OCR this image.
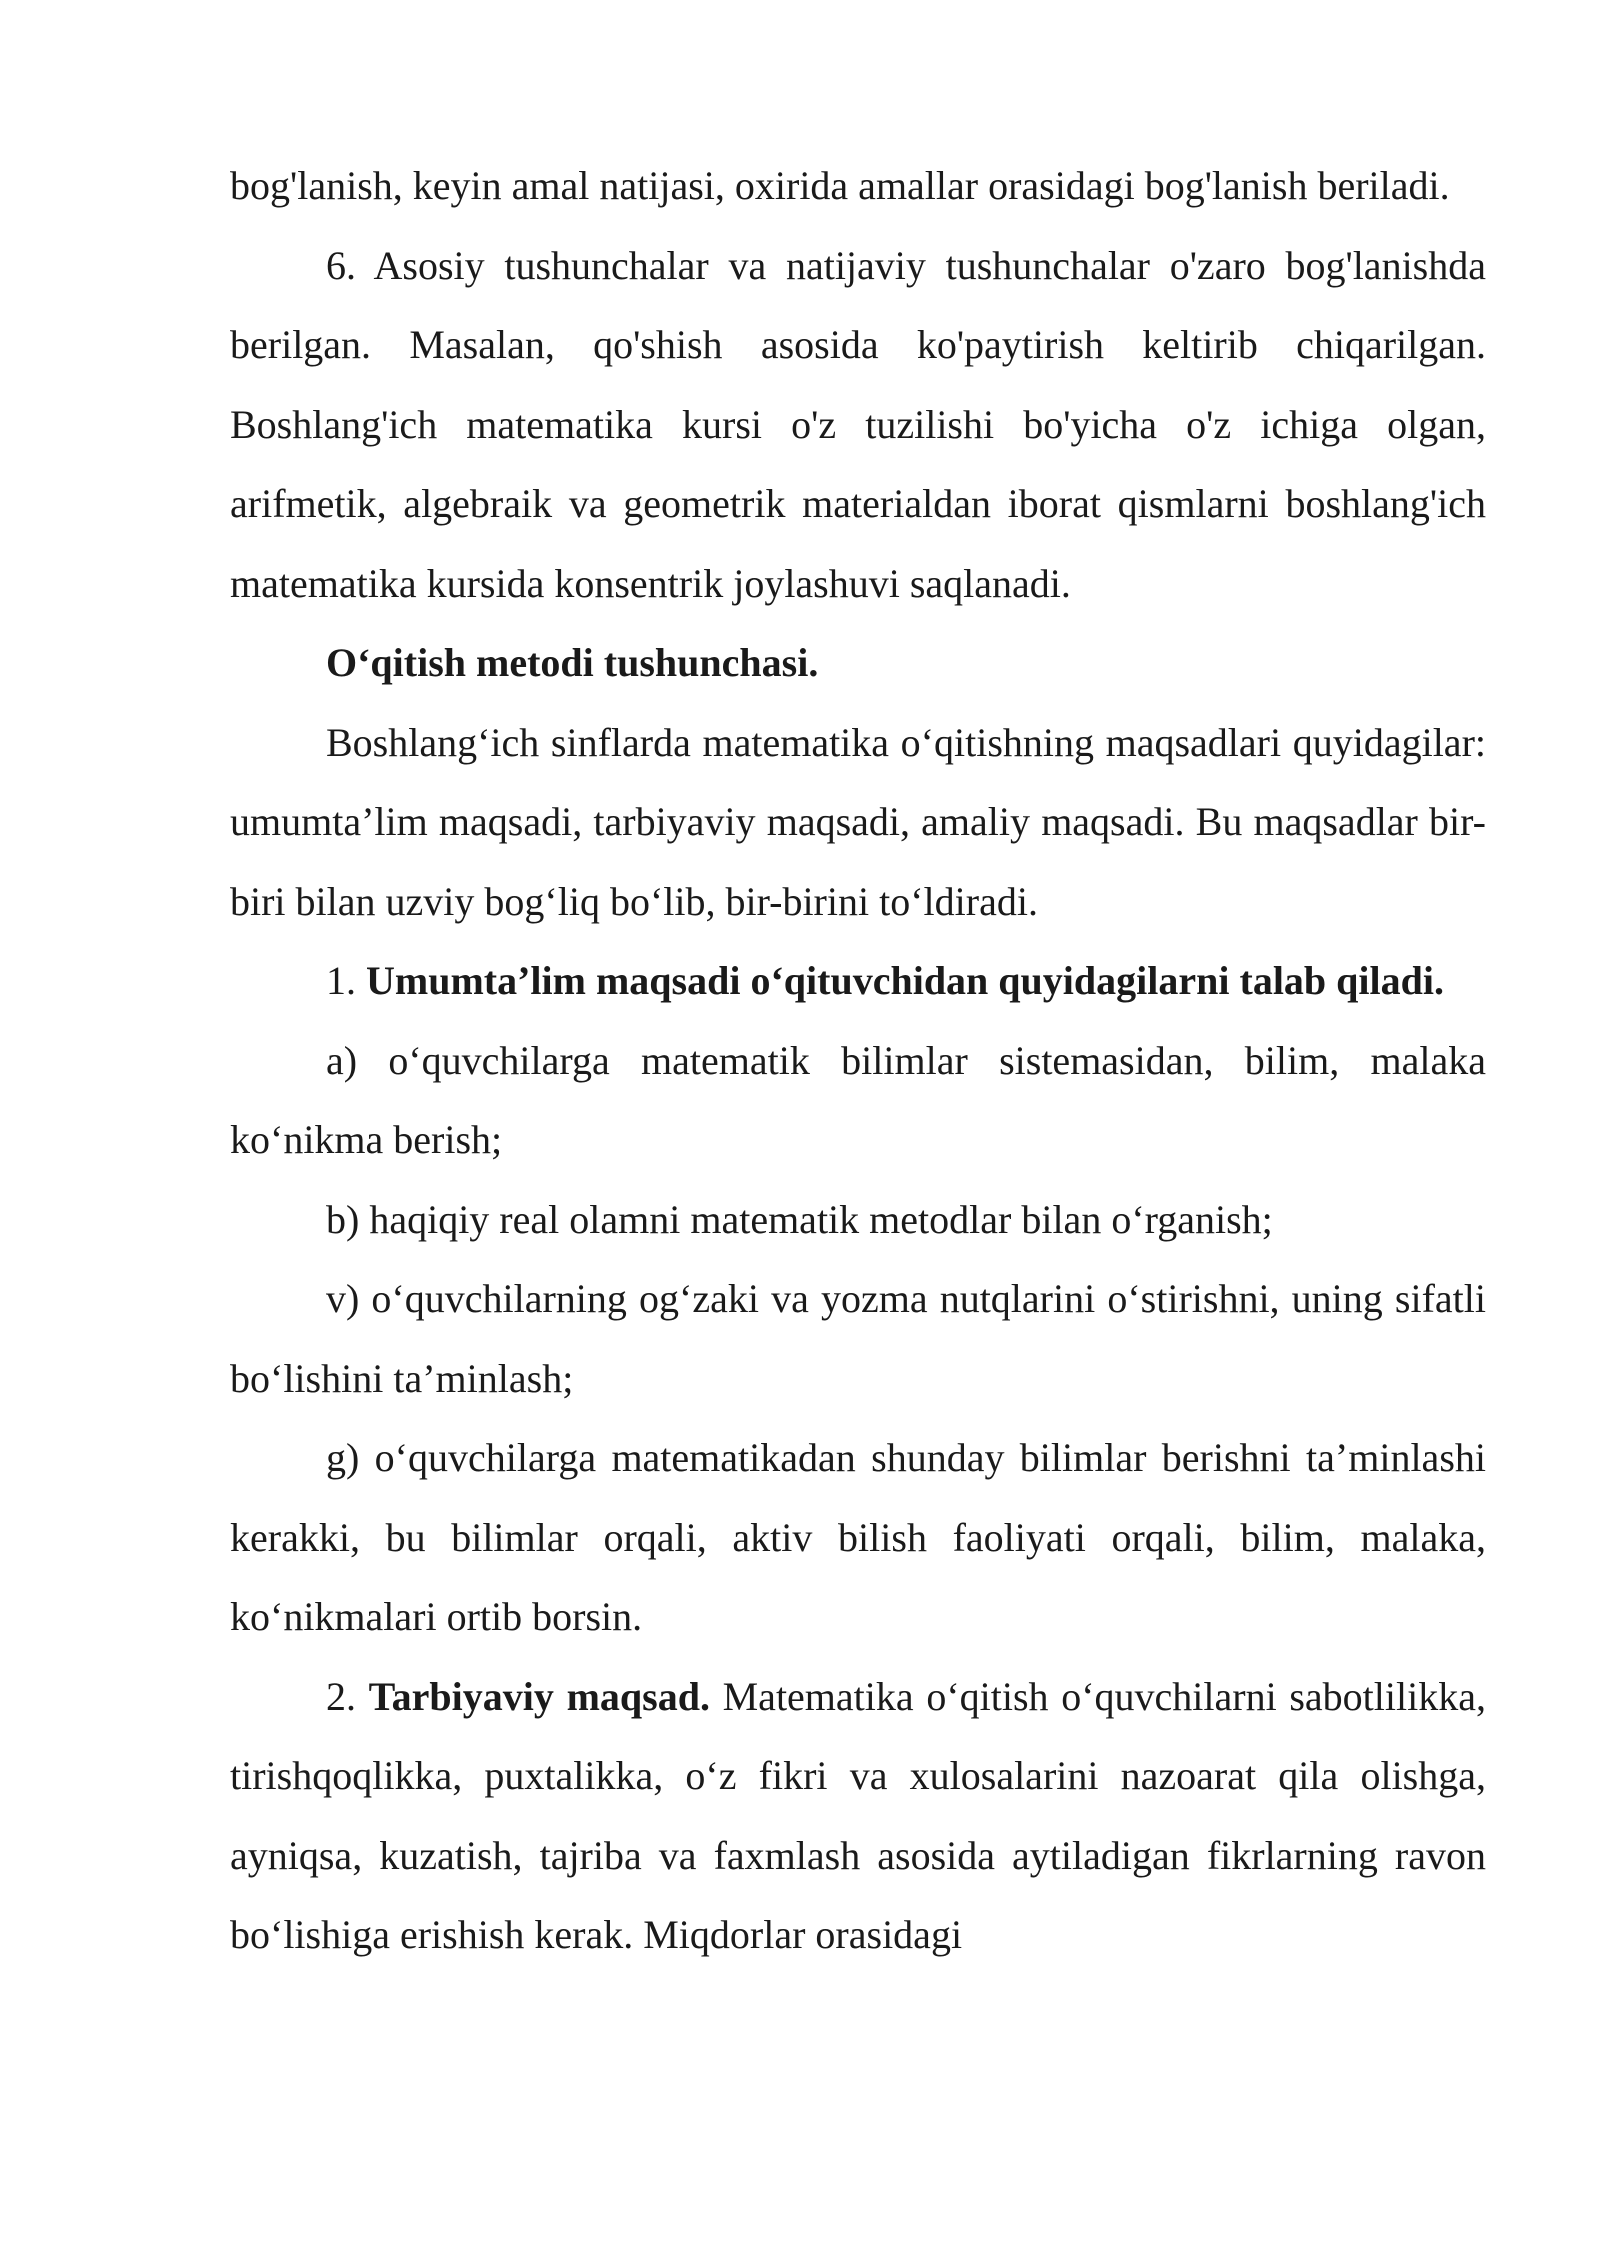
bog'lanish, keyin amal natijasi, oxirida amallar orasidagi bog'lanish beriladi.

6. Asosiy tushunchalar va natijaviy tushunchalar o'zaro bog'lanishda berilgan. Masalan, qo'shish asosida ko'paytirish keltirib chiqarilgan. Boshlang'ich matematika kursi o'z tuzilishi bo'yicha o'z ichiga olgan, arifmetik, algebraik va geometrik materialdan iborat qismlarni boshlang'ich matematika kursida konsentrik joylashuvi saqlanadi.

O‘qitish metodi tushunchasi.

Boshlang‘ich sinflarda matematika o‘qitishning maqsadlari quyidagilar: umumta’lim maqsadi, tarbiyaviy maqsadi, amaliy maqsadi. Bu maqsadlar bir-biri bilan uzviy bog‘liq bo‘lib, bir-birini to‘ldiradi.

1. Umumta’lim maqsadi o‘qituvchidan quyidagilarni talab qiladi.

a) o‘quvchilarga matematik bilimlar sistemasidan, bilim, malaka ko‘nikma berish;

b) haqiqiy real olamni matematik metodlar bilan o‘rganish;

v) o‘quvchilarning og‘zaki va yozma nutqlarini o‘stirishni, uning sifatli bo‘lishini ta’minlash;

g) o‘quvchilarga matematikadan shunday bilimlar berishni ta’minlashi kerakki, bu bilimlar orqali, aktiv bilish faoliyati orqali, bilim, malaka, ko‘nikmalari ortib borsin.

2. Tarbiyaviy maqsad. Matematika o‘qitish o‘quvchilarni sabotlilikka, tirishqoqlikka, puxtalikka, o‘z fikri va xulosalarini nazoarat qila olishga, ayniqsa, kuzatish, tajriba va faxmlash asosida aytiladigan fikrlarning ravon bo‘lishiga erishish kerak. Miqdorlar orasidagi
